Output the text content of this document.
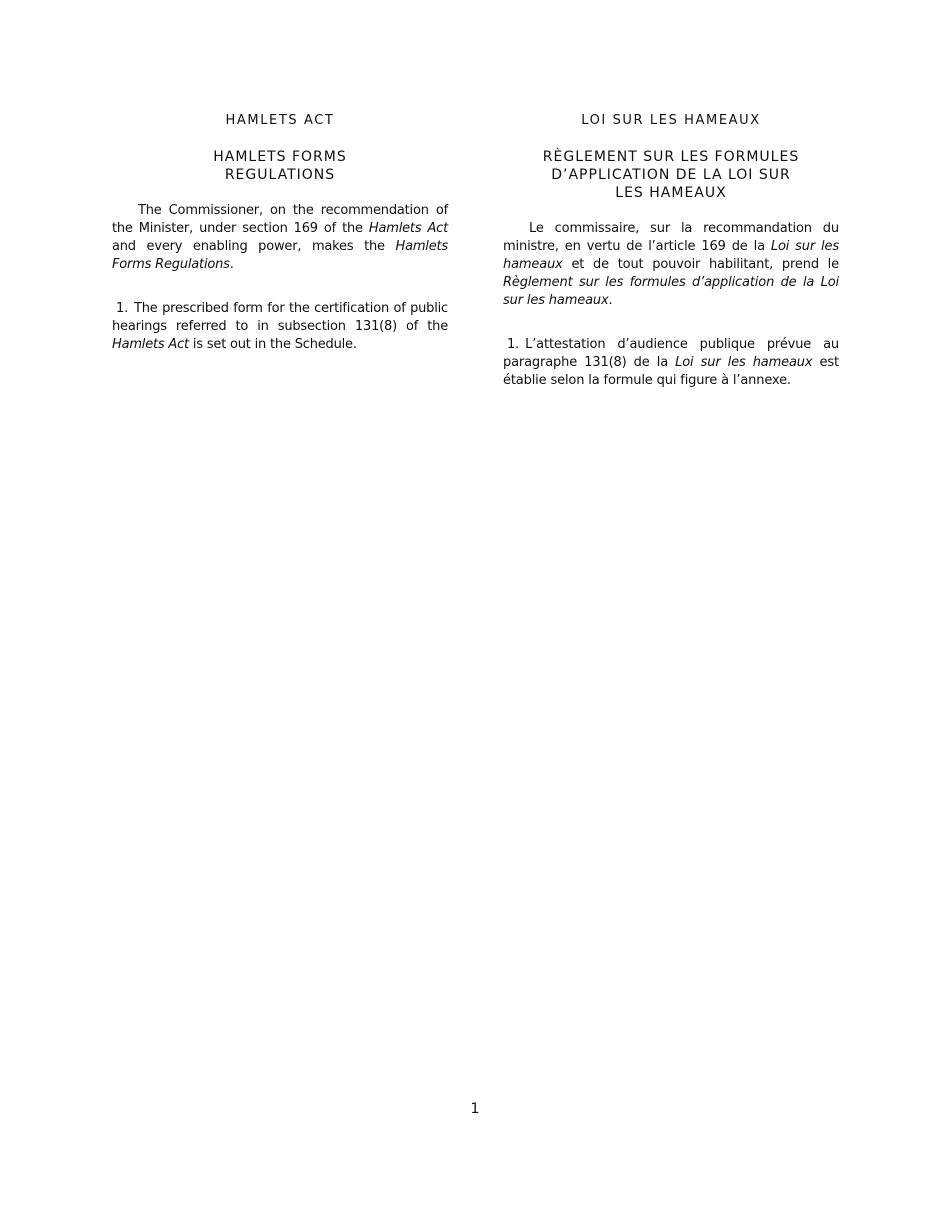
HAMLETS ACT

HAMLETS FORMS
REGULATIONS

The Commissioner, on the recommendation of the Minister, under section 169 of the Hamlets Act and every enabling power, makes the Hamlets Forms Regulations.

1. The prescribed form for the certification of public hearings referred to in subsection 131(8) of the Hamlets Act is set out in the Schedule.

LOI SUR LES HAMEAUX

RÈGLEMENT SUR LES FORMULES
D’APPLICATION DE LA LOI SUR
LES HAMEAUX

Le commissaire, sur la recommandation du ministre, en vertu de l’article 169 de la Loi sur les hameaux et de tout pouvoir habilitant, prend le Règlement sur les formules d’application de la Loi sur les hameaux.

1. L’attestation d’audience publique prévue au paragraphe 131(8) de la Loi sur les hameaux est établie selon la formule qui figure à l’annexe.

1
